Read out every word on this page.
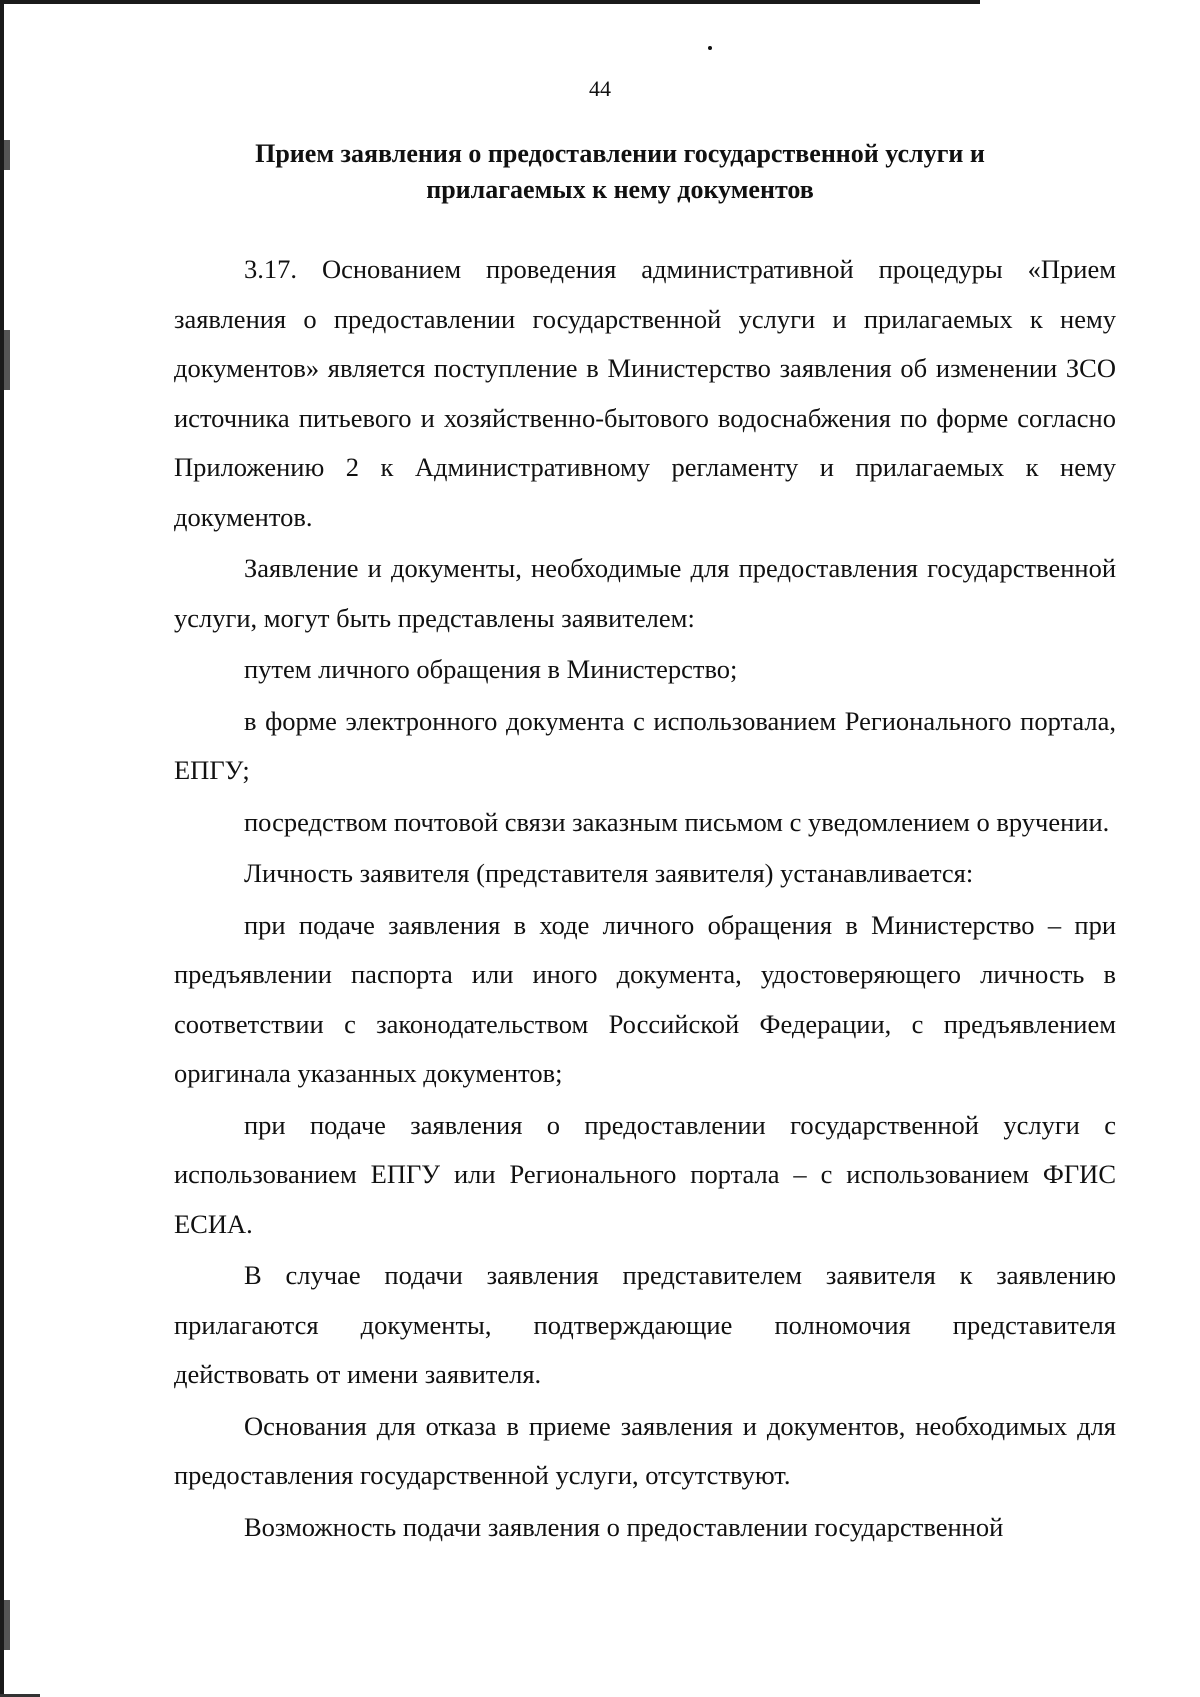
44
Прием заявления о предоставлении государственной услуги и
прилагаемых к нему документов

3.17. Основанием проведения административной процедуры «Прием заявления о предоставлении государственной услуги и прилагаемых к нему документов» является поступление в Министерство заявления об изменении ЗСО источника питьевого и хозяйственно-бытового водоснабжения по форме согласно Приложению 2 к Административному регламенту и прилагаемых к нему документов.

Заявление и документы, необходимые для предоставления государственной услуги, могут быть представлены заявителем:

путем личного обращения в Министерство;

в форме электронного документа с использованием Регионального портала, ЕПГУ;

посредством почтовой связи заказным письмом с уведомлением о вручении.

Личность заявителя (представителя заявителя) устанавливается:

при подаче заявления в ходе личного обращения в Министерство – при предъявлении паспорта или иного документа, удостоверяющего личность в соответствии с законодательством Российской Федерации, с предъявлением оригинала указанных документов;

при подаче заявления о предоставлении государственной услуги с использованием ЕПГУ или Регионального портала – с использованием ФГИС ЕСИА.

В случае подачи заявления представителем заявителя к заявлению прилагаются документы, подтверждающие полномочия представителя действовать от имени заявителя.

Основания для отказа в приеме заявления и документов, необходимых для предоставления государственной услуги, отсутствуют.

Возможность подачи заявления о предоставлении государственной
